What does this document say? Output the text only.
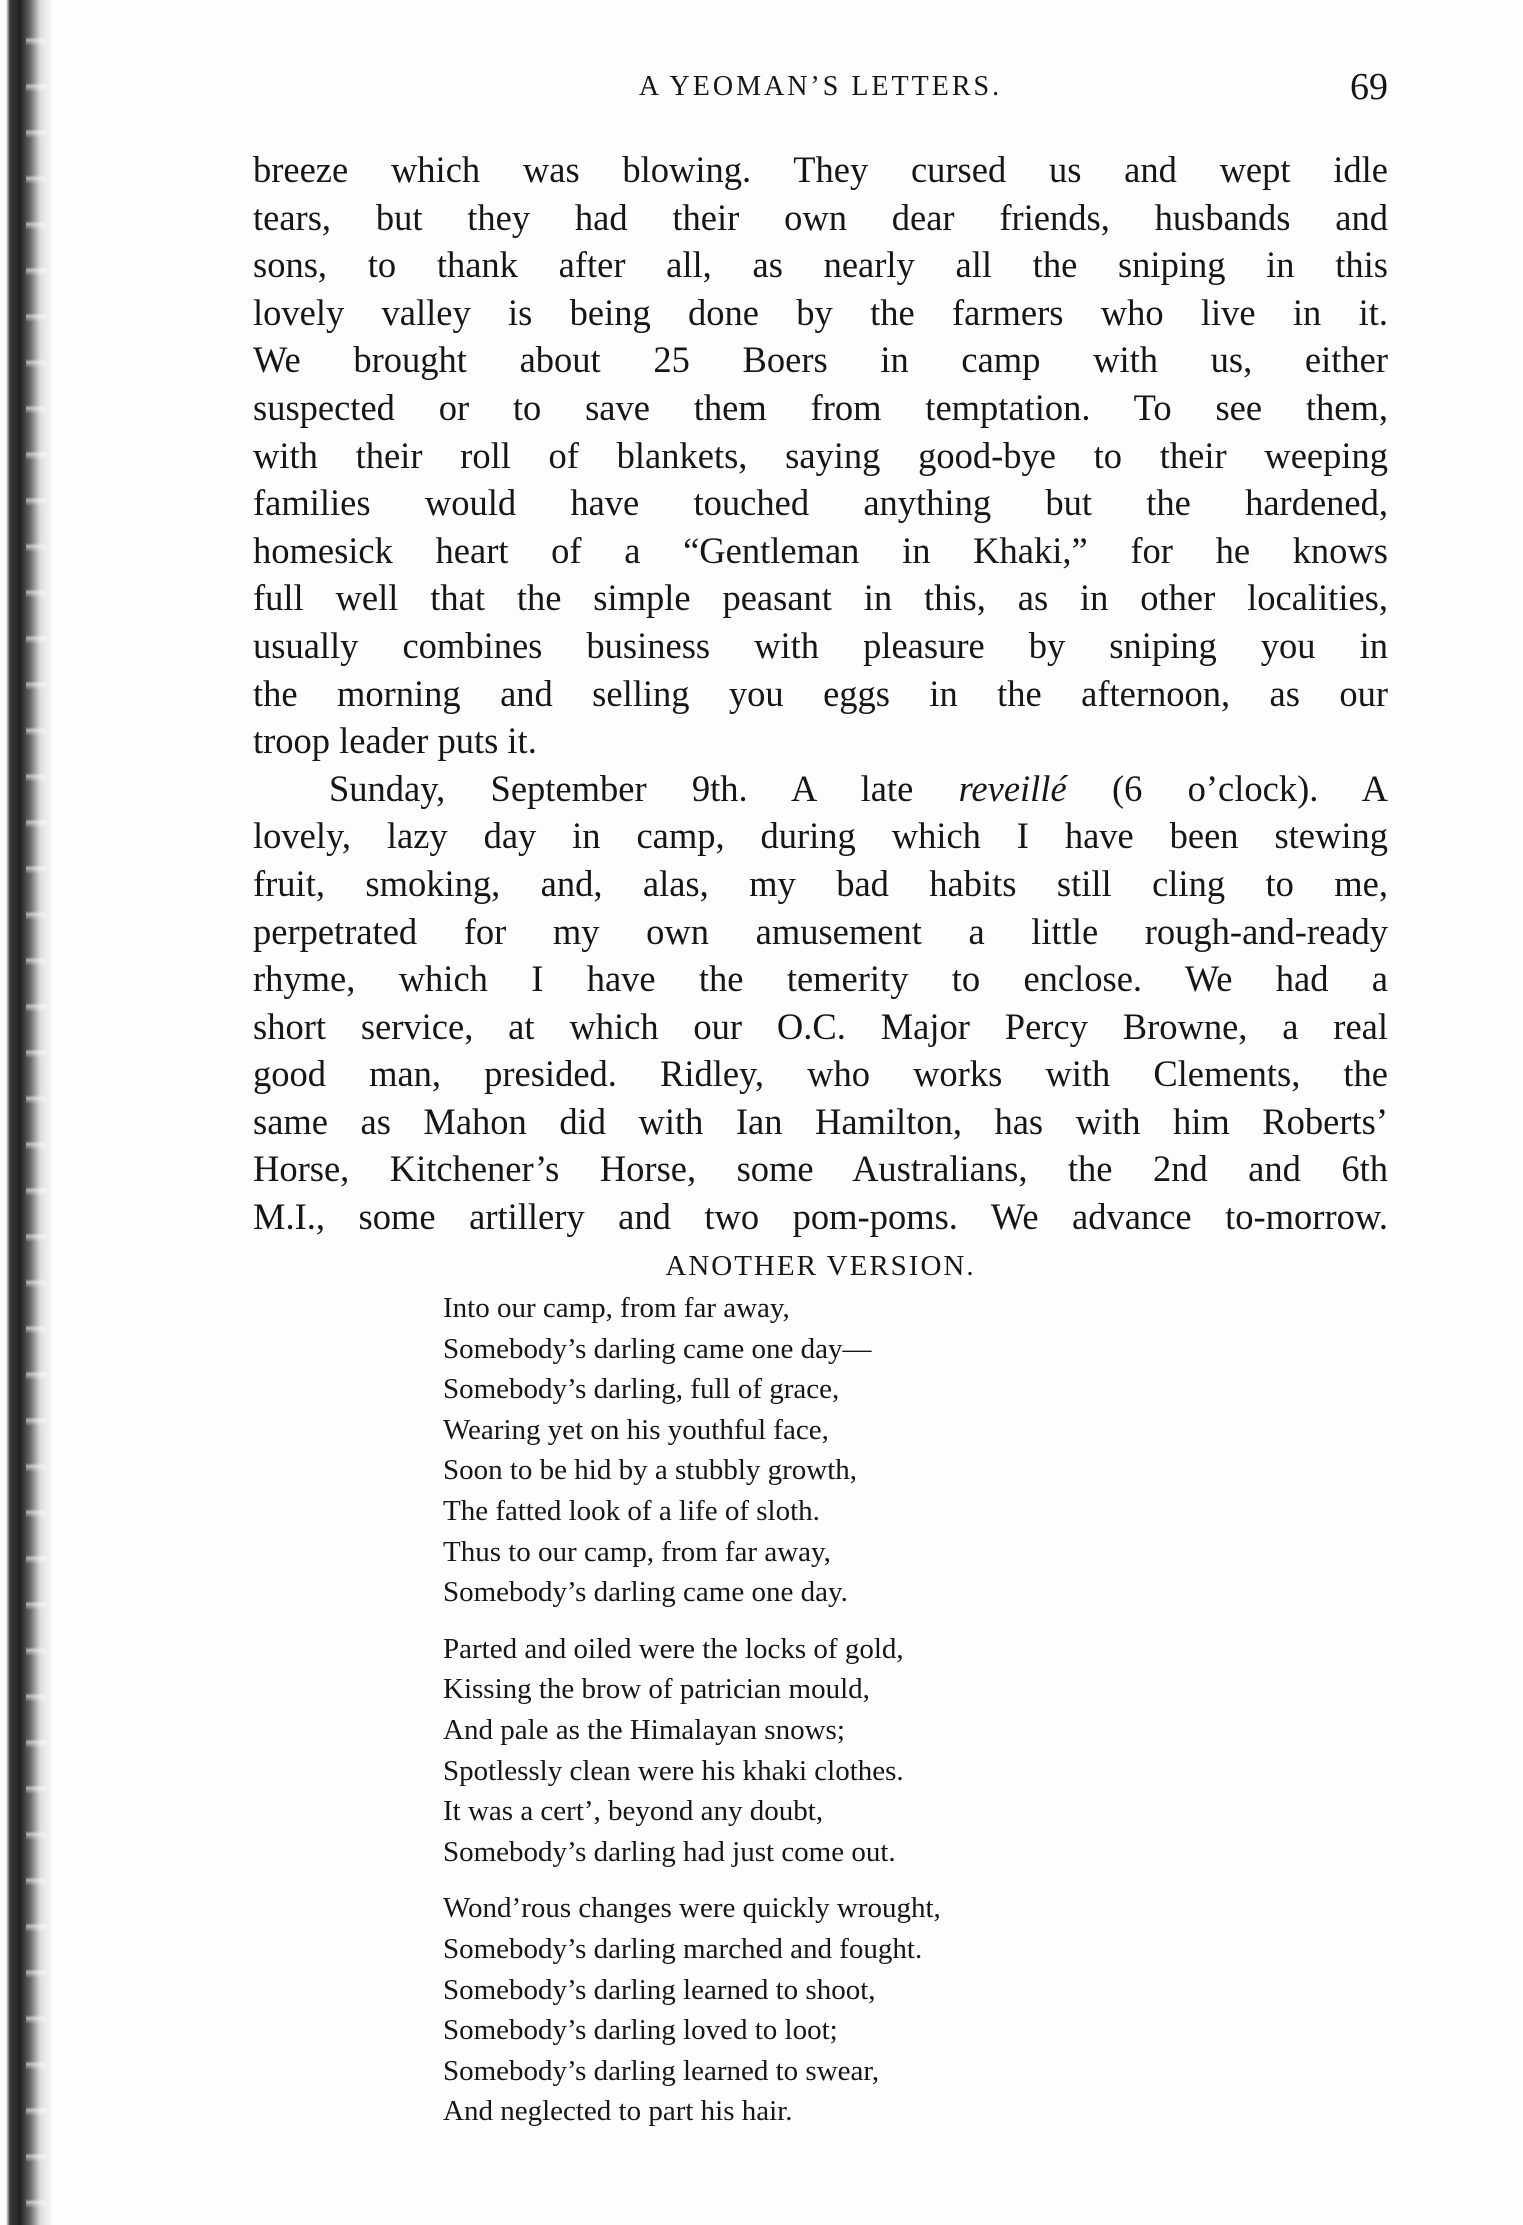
A YEOMAN’S LETTERS.	69
breeze which was blowing. They cursed us and wept idle
tears, but they had their own dear friends, husbands and
sons, to thank after all, as nearly all the sniping in this
lovely valley is being done by the farmers who live in it.
We brought about 25 Boers in camp with us, either
suspected or to save them from temptation. To see them,
with their roll of blankets, saying good-bye to their weeping
families would have touched anything but the hardened,
homesick heart of a “Gentleman in Khaki,” for he knows
full well that the simple peasant in this, as in other localities,
usually combines business with pleasure by sniping you in
the morning and selling you eggs in the afternoon, as our
troop leader puts it.
Sunday, September 9th. A late reveillé (6 o’clock). A
lovely, lazy day in camp, during which I have been stewing
fruit, smoking, and, alas, my bad habits still cling to me,
perpetrated for my own amusement a little rough-and-ready
rhyme, which I have the temerity to enclose. We had a
short service, at which our O.C. Major Percy Browne, a real
good man, presided. Ridley, who works with Clements, the
same as Mahon did with Ian Hamilton, has with him Roberts’
Horse, Kitchener’s Horse, some Australians, the 2nd and 6th
M.I., some artillery and two pom-poms. We advance to-morrow.
ANOTHER VERSION.
Into our camp, from far away,
Somebody’s darling came one day—
Somebody’s darling, full of grace,
Wearing yet on his youthful face,
Soon to be hid by a stubbly growth,
The fatted look of a life of sloth.
Thus to our camp, from far away,
Somebody’s darling came one day.
Parted and oiled were the locks of gold,
Kissing the brow of patrician mould,
And pale as the Himalayan snows;
Spotlessly clean were his khaki clothes.
It was a cert’, beyond any doubt,
Somebody’s darling had just come out.
Wond’rous changes were quickly wrought,
Somebody’s darling marched and fought.
Somebody’s darling learned to shoot,
Somebody’s darling loved to loot;
Somebody’s darling learned to swear,
And neglected to part his hair.
